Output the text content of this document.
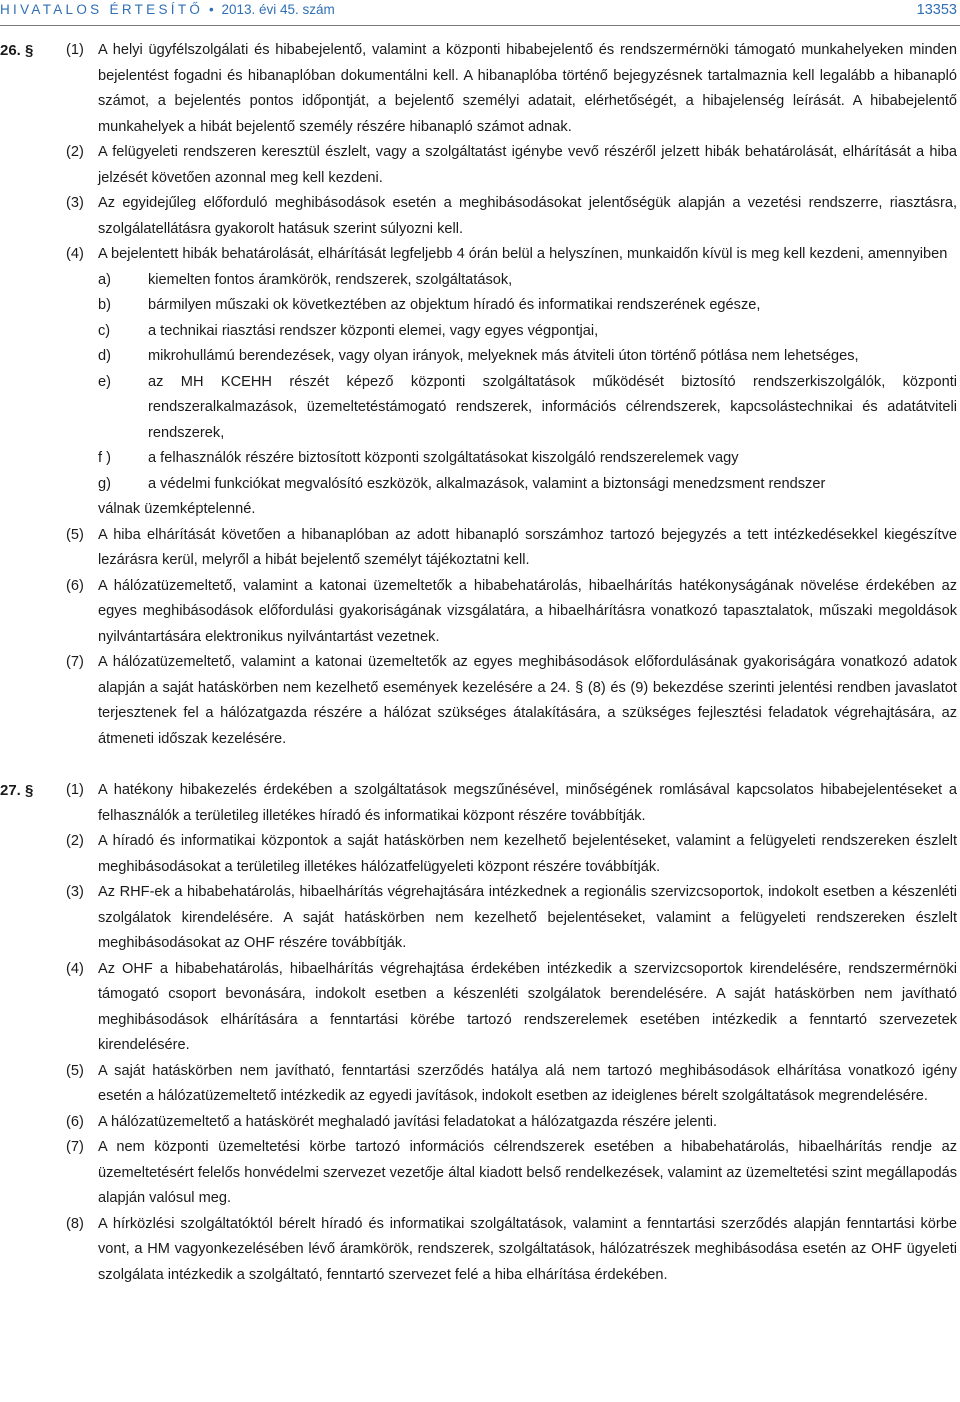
HIVATALOS ÉRTESÍTŐ • 2013. évi 45. szám	13353
26. § (1) A helyi ügyfélszolgálati és hibabejelentő, valamint a központi hibabejelentő és rendszermérnöki támogató munkahelyeken minden bejelentést fogadni és hibanaplóban dokumentálni kell. A hibanaplóba történő bejegyzésnek tartalmaznia kell legalább a hibanapló számot, a bejelentés pontos időpontját, a bejelentő személyi adatait, elérhetőségét, a hibajelenség leírását. A hibabejelentő munkahelyek a hibát bejelentő személy részére hibanapló számot adnak.
(2) A felügyeleti rendszeren keresztül észlelt, vagy a szolgáltatást igénybe vevő részéről jelzett hibák behatárolását, elhárítását a hiba jelzését követően azonnal meg kell kezdeni.
(3) Az egyidejűleg előforduló meghibásodások esetén a meghibásodásokat jelentőségük alapján a vezetési rendszerre, riasztásra, szolgálatellátásra gyakorolt hatásuk szerint súlyozni kell.
(4) A bejelentett hibák behatárolását, elhárítását legfeljebb 4 órán belül a helyszínen, munkaidőn kívül is meg kell kezdeni, amennyiben
a)	kiemelten fontos áramkörök, rendszerek, szolgáltatások,
b)	bármilyen műszaki ok következtében az objektum híradó és informatikai rendszerének egésze,
c)	a technikai riasztási rendszer központi elemei, vagy egyes végpontjai,
d)	mikrohullámú berendezések, vagy olyan irányok, melyeknek más átviteli úton történő pótlása nem lehetséges,
e)	az MH KCEHH részét képező központi szolgáltatások működését biztosító rendszerkiszolgálók, központi rendszeralkalmazások, üzemeltetéstámogató rendszerek, információs célrendszerek, kapcsolástechnikai és adatátviteli rendszerek,
f )	a felhasználók részére biztosított központi szolgáltatásokat kiszolgáló rendszerelemek vagy
g)	a védelmi funkciókat megvalósító eszközök, alkalmazások, valamint a biztonsági menedzsment rendszer
válnak üzemképtelenné.
(5) A hiba elhárítását követően a hibanaplóban az adott hibanapló sorszámhoz tartozó bejegyzés a tett intézkedésekkel kiegészítve lezárásra kerül, melyről a hibát bejelentő személyt tájékoztatni kell.
(6) A hálózatüzemeltető, valamint a katonai üzemeltetők a hibabehatárolás, hibaelhárítás hatékonyságának növelése érdekében az egyes meghibásodások előfordulási gyakoriságának vizsgálatára, a hibaelhárításra vonatkozó tapasztalatok, műszaki megoldások nyilvántartására elektronikus nyilvántartást vezetnek.
(7) A hálózatüzemeltető, valamint a katonai üzemeltetők az egyes meghibásodások előfordulásának gyakoriságára vonatkozó adatok alapján a saját hatáskörben nem kezelhető események kezelésére a 24. § (8) és (9) bekezdése szerinti jelentési rendben javaslatot terjesztenek fel a hálózatgazda részére a hálózat szükséges átalakítására, a szükséges fejlesztési feladatok végrehajtására, az átmeneti időszak kezelésére.
27. § (1) A hatékony hibakezelés érdekében a szolgáltatások megszűnésével, minőségének romlásával kapcsolatos hibabejelentéseket a felhasználók a területileg illetékes híradó és informatikai központ részére továbbítják.
(2) A híradó és informatikai központok a saját hatáskörben nem kezelhető bejelentéseket, valamint a felügyeleti rendszereken észlelt meghibásodásokat a területileg illetékes hálózatfelügyeleti központ részére továbbítják.
(3) Az RHF-ek a hibabehatárolás, hibaelhárítás végrehajtására intézkednek a regionális szervizcsoportok, indokolt esetben a készenléti szolgálatok kirendelésére. A saját hatáskörben nem kezelhető bejelentéseket, valamint a felügyeleti rendszereken észlelt meghibásodásokat az OHF részére továbbítják.
(4) Az OHF a hibabehatárolás, hibaelhárítás végrehajtása érdekében intézkedik a szervizcsoportok kirendelésére, rendszermérnöki támogató csoport bevonására, indokolt esetben a készenléti szolgálatok berendelésére. A saját hatáskörben nem javítható meghibásodások elhárítására a fenntartási körébe tartozó rendszerelemek esetében intézkedik a fenntartó szervezetek kirendelésére.
(5) A saját hatáskörben nem javítható, fenntartási szerződés hatálya alá nem tartozó meghibásodások elhárítása vonatkozó igény esetén a hálózatüzemeltető intézkedik az egyedi javítások, indokolt esetben az ideiglenes bérelt szolgáltatások megrendelésére.
(6) A hálózatüzemeltető a hatáskörét meghaladó javítási feladatokat a hálózatgazda részére jelenti.
(7) A nem központi üzemeltetési körbe tartozó információs célrendszerek esetében a hibabehatárolás, hibaelhárítás rendje az üzemeltetésért felelős honvédelmi szervezet vezetője által kiadott belső rendelkezések, valamint az üzemeltetési szint megállapodás alapján valósul meg.
(8) A hírközlési szolgáltatóktól bérelt híradó és informatikai szolgáltatások, valamint a fenntartási szerződés alapján fenntartási körbe vont, a HM vagyonkezelésében lévő áramkörök, rendszerek, szolgáltatások, hálózatrészek meghibásodása esetén az OHF ügyeleti szolgálata intézkedik a szolgáltató, fenntartó szervezet felé a hiba elhárítása érdekében.
